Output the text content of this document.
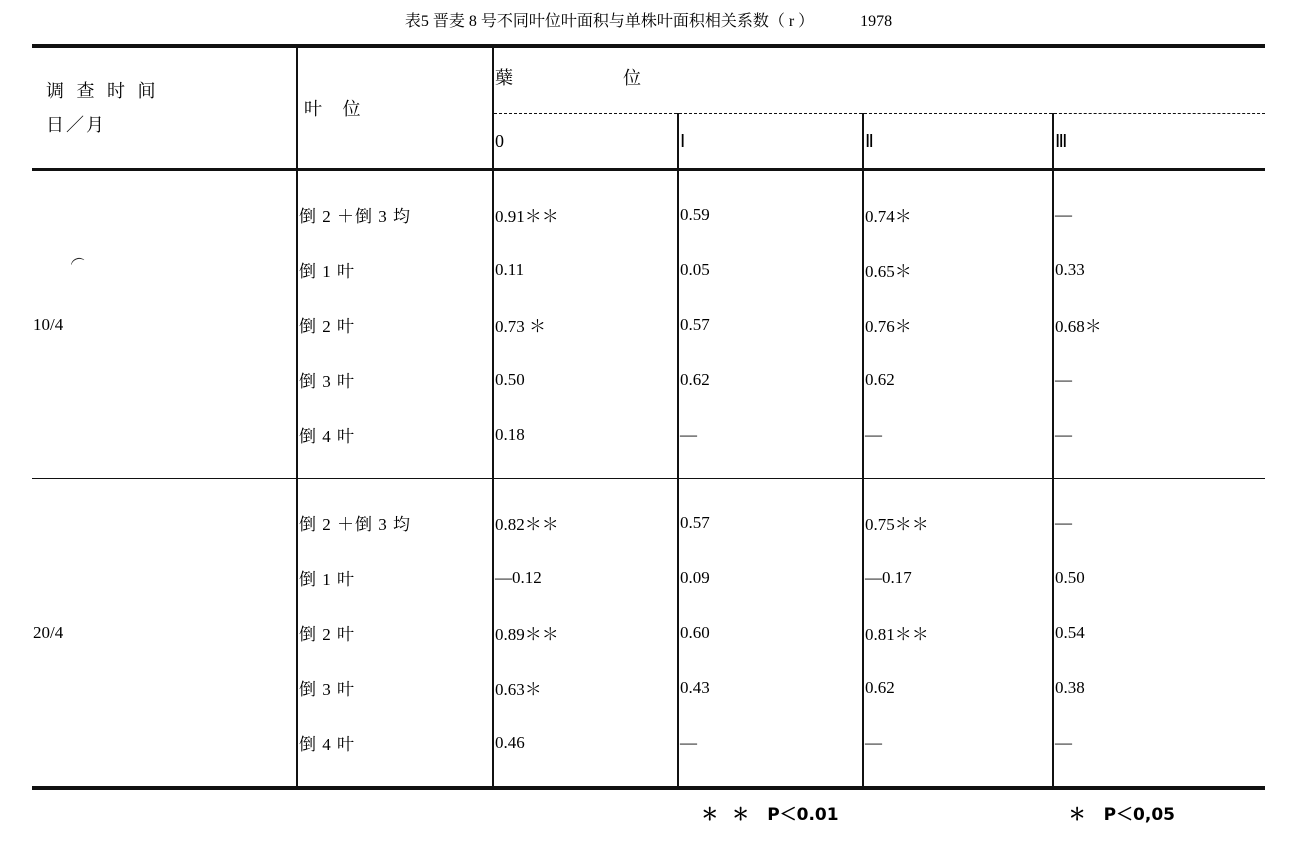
表5 晋麦 8 号不同叶位叶面积与单株叶面积相关系数（ r ）	1978
调 查 时 间
日／月	叶 位	蘖 位			
		0	Ⅰ	Ⅱ	Ⅲ
︵

10/4	倒 2 ＋倒 3 均	0.91＊＊	0.59	0.74＊	—
	倒 1 叶	0.11	0.05	0.65＊	0.33
	倒 2 叶	0.73 ＊	0.57	0.76＊	0.68＊
	倒 3 叶	0.50	0.62	0.62	—
	倒 4 叶	0.18	—	—	—

20/4	倒 2 ＋倒 3 均	0.82＊＊	0.57	0.75＊＊	—
	倒 1 叶	—0.12	0.09	—0.17	0.50
	倒 2 叶	0.89＊＊	0.60	0.81＊＊	0.54
	倒 3 叶	0.63＊	0.43	0.62	0.38
	倒 4 叶	0.46	—	—	—

＊ ＊ P＜0.01	＊ P＜0,05
